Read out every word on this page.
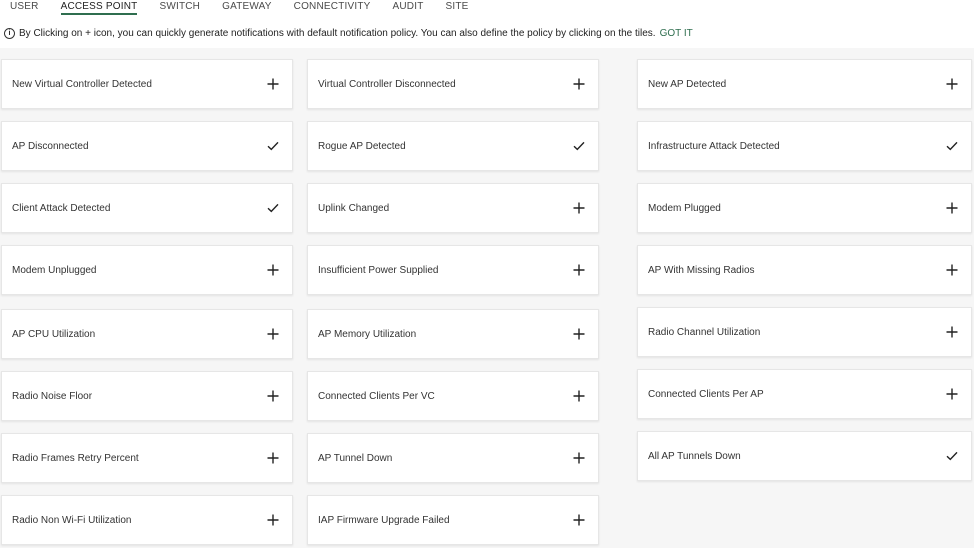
USER ACCESS POINT SWITCH GATEWAY CONNECTIVITY AUDIT SITE
i By Clicking on + icon, you can quickly generate notifications with default notification policy. You can also define the policy by clicking on the tiles. GOT IT
New Virtual Controller Detected
AP Disconnected
Client Attack Detected
Modem Unplugged
AP CPU Utilization
Radio Noise Floor
Radio Frames Retry Percent
Radio Non Wi-Fi Utilization
Virtual Controller Disconnected
Rogue AP Detected
Uplink Changed
Insufficient Power Supplied
AP Memory Utilization
Connected Clients Per VC
AP Tunnel Down
IAP Firmware Upgrade Failed
New AP Detected
Infrastructure Attack Detected
Modem Plugged
AP With Missing Radios
Radio Channel Utilization
Connected Clients Per AP
All AP Tunnels Down
